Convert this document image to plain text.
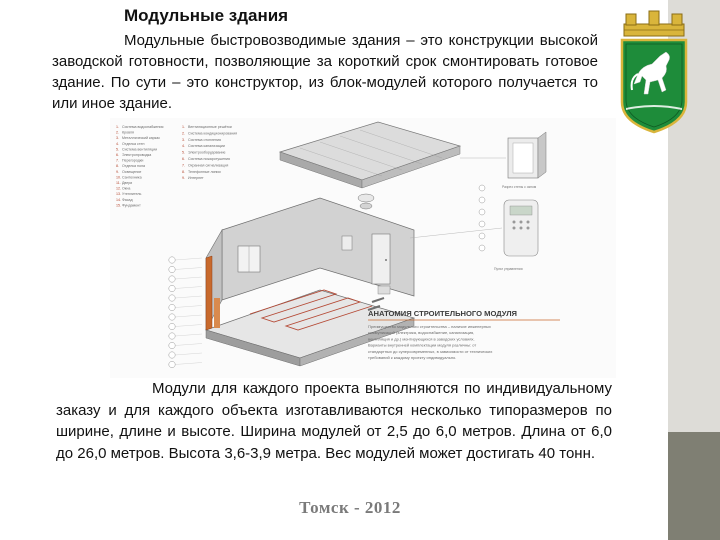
Модульные здания

Модульные быстровозводимые здания – это конструкции высокой заводской готовности, позволяющие за короткий срок смонтировать готовое здание. По сути – это конструктор, из блок-модулей которого получается то или иное здание.

1. Система водоснабжения
2. Кровля
3. Металлический каркас
4. Отделка стен
5. Система вентиляции
6. Электропроводка
7. Перегородки
8. Отделка пола
9. Освещение
10. Сантехника
11. Двери
12. Окна
13. Утеплитель
14. Фасад
15. Фундамент
1. Вентиляционные решётки
2. Система кондиционирования
3. Система отопления
4. Система канализации
5. Электрооборудование
6. Система пожаротушения
7. Охранная сигнализация
8. Телефонные линии
9. Интернет
Разрез стены с окном
Пульт управления
АНАТОМИЯ СТРОИТЕЛЬНОГО МОДУЛЯ
Преимущество модульного строительства – наличие инженерных
коммуникаций (электрика, водоснабжение, канализация,
вентиляция и др.) монтирующихся в заводских условиях.
Варианты внутренней комплектации модуля различны: от
стандартных до суперсовременных, в зависимости от технических
требований к каждому проекту индивидуально.

Модули для каждого проекта выполняются по индивидуальному заказу и для каждого объекта изготавливаются несколько типоразмеров по ширине, длине и высоте. Ширина модулей от 2,5 до 6,0 метров. Длина от 6,0 до 26,0 метров. Высота 3,6-3,9 метра. Вес модулей может достигать 40 тонн.

Томск - 2012
